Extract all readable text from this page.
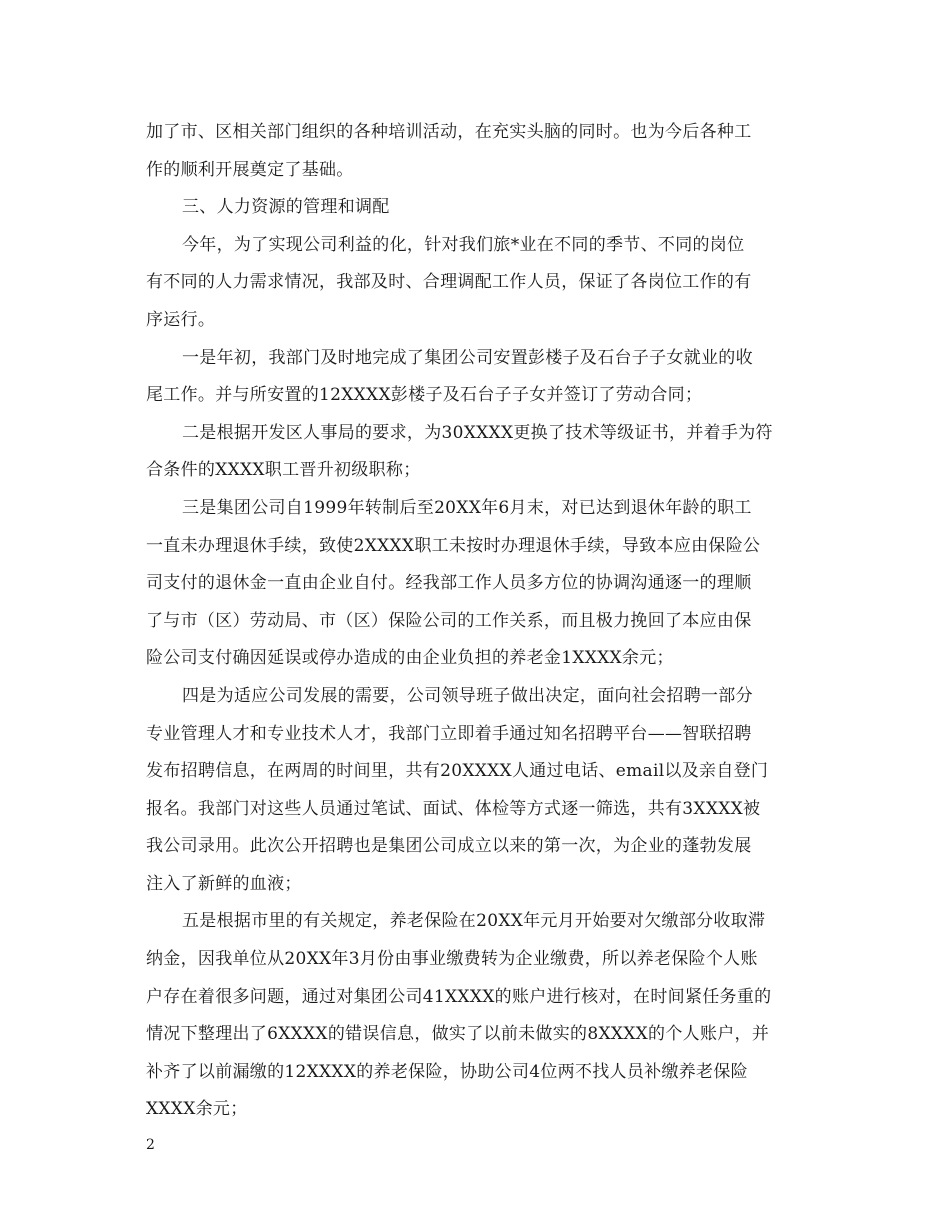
加了市、区相关部门组织的各种培训活动，在充实头脑的同时。也为今后各种工
作的顺利开展奠定了基础。
三、人力资源的管理和调配
今年，为了实现公司利益的化，针对我们旅*业在不同的季节、不同的岗位
有不同的人力需求情况，我部及时、合理调配工作人员，保证了各岗位工作的有
序运行。
一是年初，我部门及时地完成了集团公司安置彭楼子及石台子子女就业的收
尾工作。并与所安置的12XXXX彭楼子及石台子子女并签订了劳动合同；
二是根据开发区人事局的要求，为30XXXX更换了技术等级证书，并着手为符
合条件的XXXX职工晋升初级职称；
三是集团公司自1999年转制后至20XX年6月末，对已达到退休年龄的职工
一直未办理退休手续，致使2XXXX职工未按时办理退休手续，导致本应由保险公
司支付的退休金一直由企业自付。经我部工作人员多方位的协调沟通逐一的理顺
了与市（区）劳动局、市（区）保险公司的工作关系，而且极力挽回了本应由保
险公司支付确因延误或停办造成的由企业负担的养老金1XXXX余元；
四是为适应公司发展的需要，公司领导班子做出决定，面向社会招聘一部分
专业管理人才和专业技术人才，我部门立即着手通过知名招聘平台——智联招聘
发布招聘信息，在两周的时间里，共有20XXXX人通过电话、email以及亲自登门
报名。我部门对这些人员通过笔试、面试、体检等方式逐一筛选，共有3XXXX被
我公司录用。此次公开招聘也是集团公司成立以来的第一次，为企业的蓬勃发展
注入了新鲜的血液；
五是根据市里的有关规定，养老保险在20XX年元月开始要对欠缴部分收取滞
纳金，因我单位从20XX年3月份由事业缴费转为企业缴费，所以养老保险个人账
户存在着很多问题，通过对集团公司41XXXX的账户进行核对，在时间紧任务重的
情况下整理出了6XXXX的错误信息，做实了以前未做实的8XXXX的个人账户，并
补齐了以前漏缴的12XXXX的养老保险，协助公司4位两不找人员补缴养老保险
XXXX余元；
2
